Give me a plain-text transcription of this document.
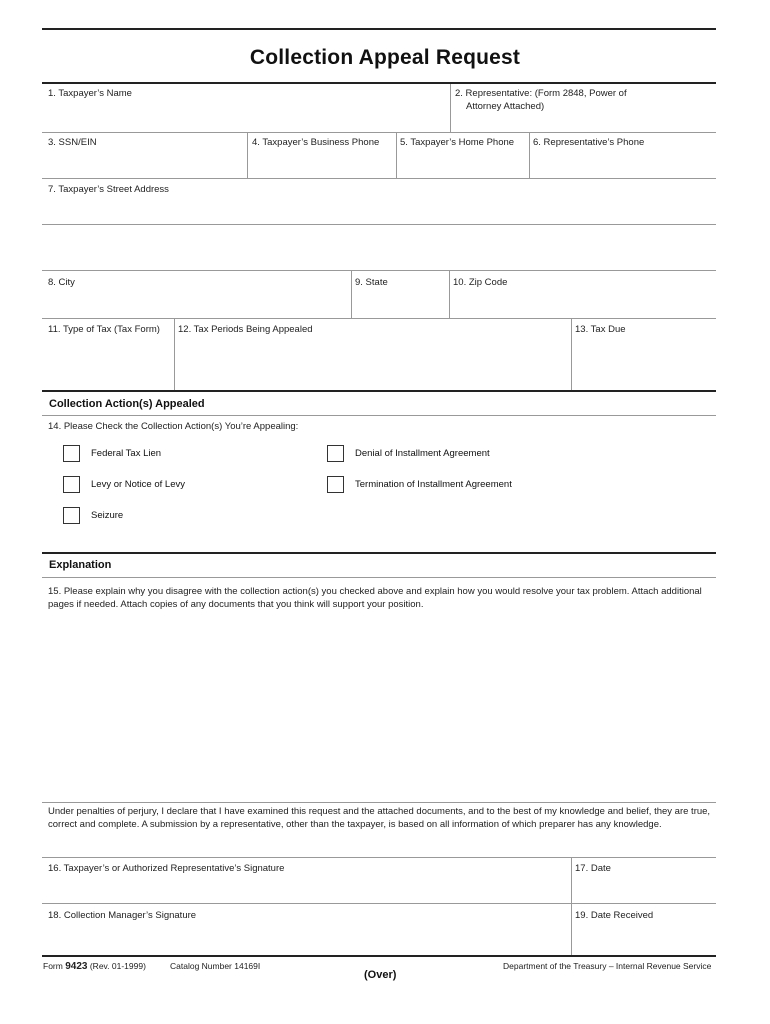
Collection Appeal Request
1. Taxpayer’s Name	2. Representative: (Form 2848, Power of
Attorney Attached)
3. SSN/EIN	4. Taxpayer’s Business Phone 5. Taxpayer’s Home Phone 6. Representative’s Phone
7. Taxpayer’s Street Address
8. City	9. State	10. Zip Code
11. Type of Tax (Tax Form) 12. Tax Periods Being Appealed	13. Tax Due
Collection Action(s) Appealed
14. Please Check the Collection Action(s) You’re Appealing:
Federal Tax Lien	Denial of Installment Agreement
Levy or Notice of Levy	Termination of Installment Agreement
Seizure
Explanation
15. Please explain why you disagree with the collection action(s) you checked above and explain how you would resolve your tax problem. Attach additional
pages if needed. Attach copies of any documents that you think will support your position.
Under penalties of perjury, I declare that I have examined this request and the attached documents, and to the best of my knowledge and belief, they are true,
correct and complete. A submission by a representative, other than the taxpayer, is based on all information of which preparer has any knowledge.
16. Taxpayer’s or Authorized Representative’s Signature	17. Date
18. Collection Manager’s Signature	19. Date Received
Form 9423 (Rev. 01-1999)	Catalog Number 14169I	Department of the Treasury – Internal Revenue Service
(Over)
